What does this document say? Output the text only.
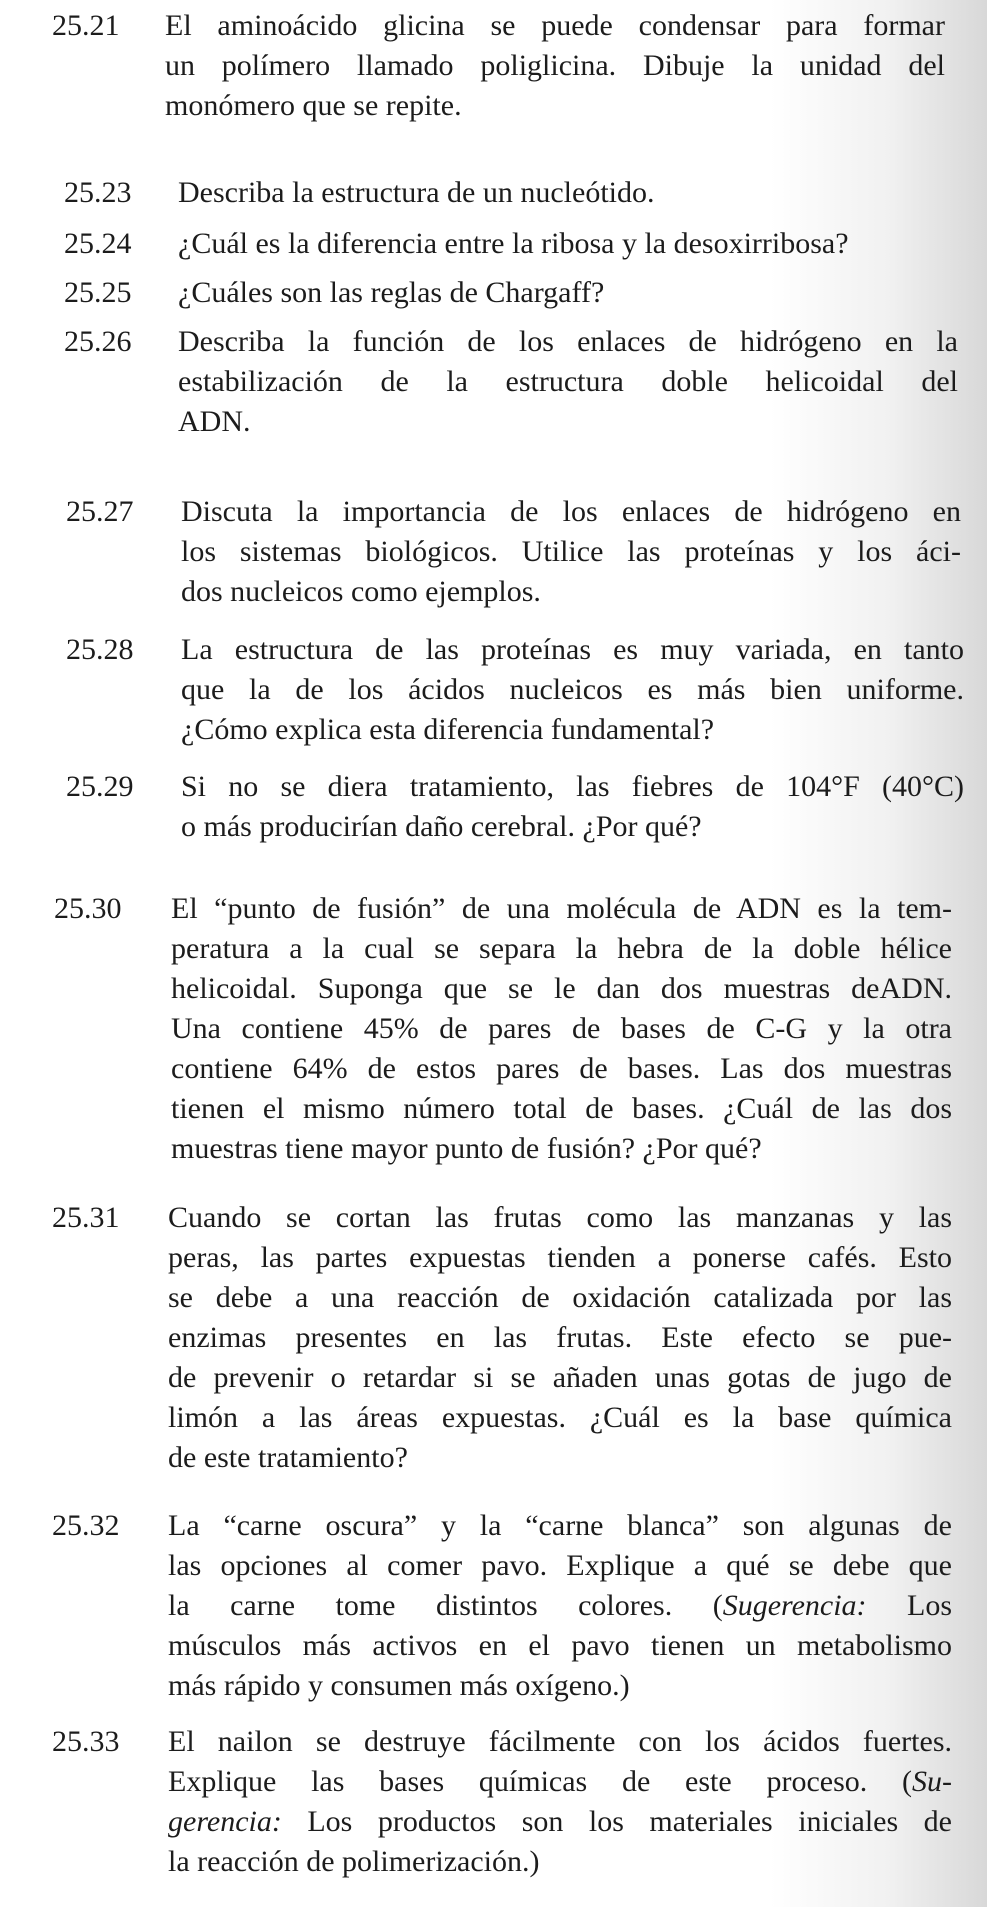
25.21 El aminoácido glicina se puede condensar para formar
un polímero llamado poliglicina. Dibuje la unidad del
monómero que se repite.
25.23 Describa la estructura de un nucleótido.
25.24 ¿Cuál es la diferencia entre la ribosa y la desoxirribosa?
25.25 ¿Cuáles son las reglas de Chargaff?
25.26 Describa la función de los enlaces de hidrógeno en la
estabilización de la estructura doble helicoidal del
ADN.
25.27 Discuta la importancia de los enlaces de hidrógeno en
los sistemas biológicos. Utilice las proteínas y los áci-
dos nucleicos como ejemplos.
25.28 La estructura de las proteínas es muy variada, en tanto
que la de los ácidos nucleicos es más bien uniforme.
¿Cómo explica esta diferencia fundamental?
25.29 Si no se diera tratamiento, las fiebres de 104°F (40°C)
o más producirían daño cerebral. ¿Por qué?
25.30 El “punto de fusión” de una molécula de ADN es la tem-
peratura a la cual se separa la hebra de la doble hélice
helicoidal. Suponga que se le dan dos muestras deADN.
Una contiene 45% de pares de bases de C-G y la otra
contiene 64% de estos pares de bases. Las dos muestras
tienen el mismo número total de bases. ¿Cuál de las dos
muestras tiene mayor punto de fusión? ¿Por qué?
25.31 Cuando se cortan las frutas como las manzanas y las
peras, las partes expuestas tienden a ponerse cafés. Esto
se debe a una reacción de oxidación catalizada por las
enzimas presentes en las frutas. Este efecto se pue-
de prevenir o retardar si se añaden unas gotas de jugo de
limón a las áreas expuestas. ¿Cuál es la base química
de este tratamiento?
25.32 La “carne oscura” y la “carne blanca” son algunas de
las opciones al comer pavo. Explique a qué se debe que
la carne tome distintos colores. (Sugerencia: Los
músculos más activos en el pavo tienen un metabolismo
más rápido y consumen más oxígeno.)
25.33 El nailon se destruye fácilmente con los ácidos fuertes.
Explique las bases químicas de este proceso. (Su-
gerencia: Los productos son los materiales iniciales de
la reacción de polimerización.)
